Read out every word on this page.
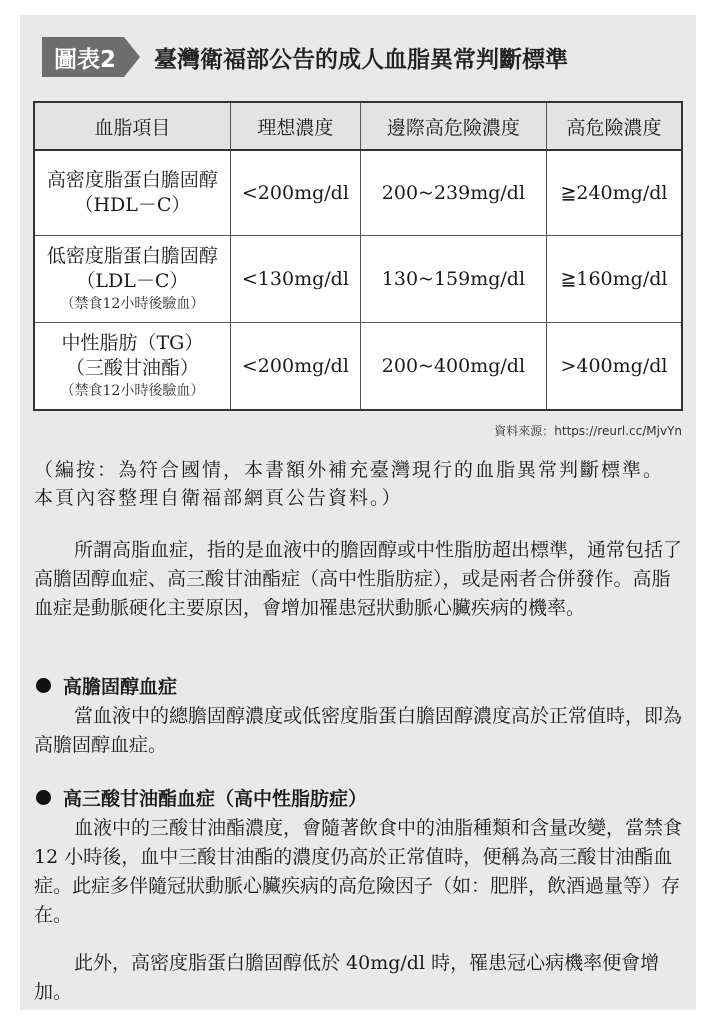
圖表2	臺灣衛福部公告的成人血脂異常判斷標準
血脂項目	理想濃度	邊際高危險濃度	高危險濃度

高密度脂蛋白膽固醇
（HDL－C）	<200mg/dl	200~239mg/dl	≧240mg/dl

低密度脂蛋白膽固醇
（LDL－C）
（禁食12小時後驗血）	<130mg/dl	130~159mg/dl	≧160mg/dl

中性脂肪（TG）
（三酸甘油酯）
（禁食12小時後驗血）	<200mg/dl	200~400mg/dl	>400mg/dl
資料來源：https://reurl.cc/MjvYn
（編按：為符合國情，本書額外補充臺灣現行的血脂異常判斷標準。本頁內容整理自衛福部網頁公告資料。）
所謂高脂血症，指的是血液中的膽固醇或中性脂肪超出標準，通常包括了高膽固醇血症、高三酸甘油酯症（高中性脂肪症），或是兩者合併發作。高脂血症是動脈硬化主要原因，會增加罹患冠狀動脈心臟疾病的機率。
高膽固醇血症
當血液中的總膽固醇濃度或低密度脂蛋白膽固醇濃度高於正常值時，即為高膽固醇血症。
高三酸甘油酯血症（高中性脂肪症）
血液中的三酸甘油酯濃度，會隨著飲食中的油脂種類和含量改變，當禁食 12 小時後，血中三酸甘油酯的濃度仍高於正常值時，便稱為高三酸甘油酯血症。此症多伴隨冠狀動脈心臟疾病的高危險因子（如：肥胖，飲酒過量等）存在。
此外，高密度脂蛋白膽固醇低於 40mg/dl 時，罹患冠心病機率便會增加。
